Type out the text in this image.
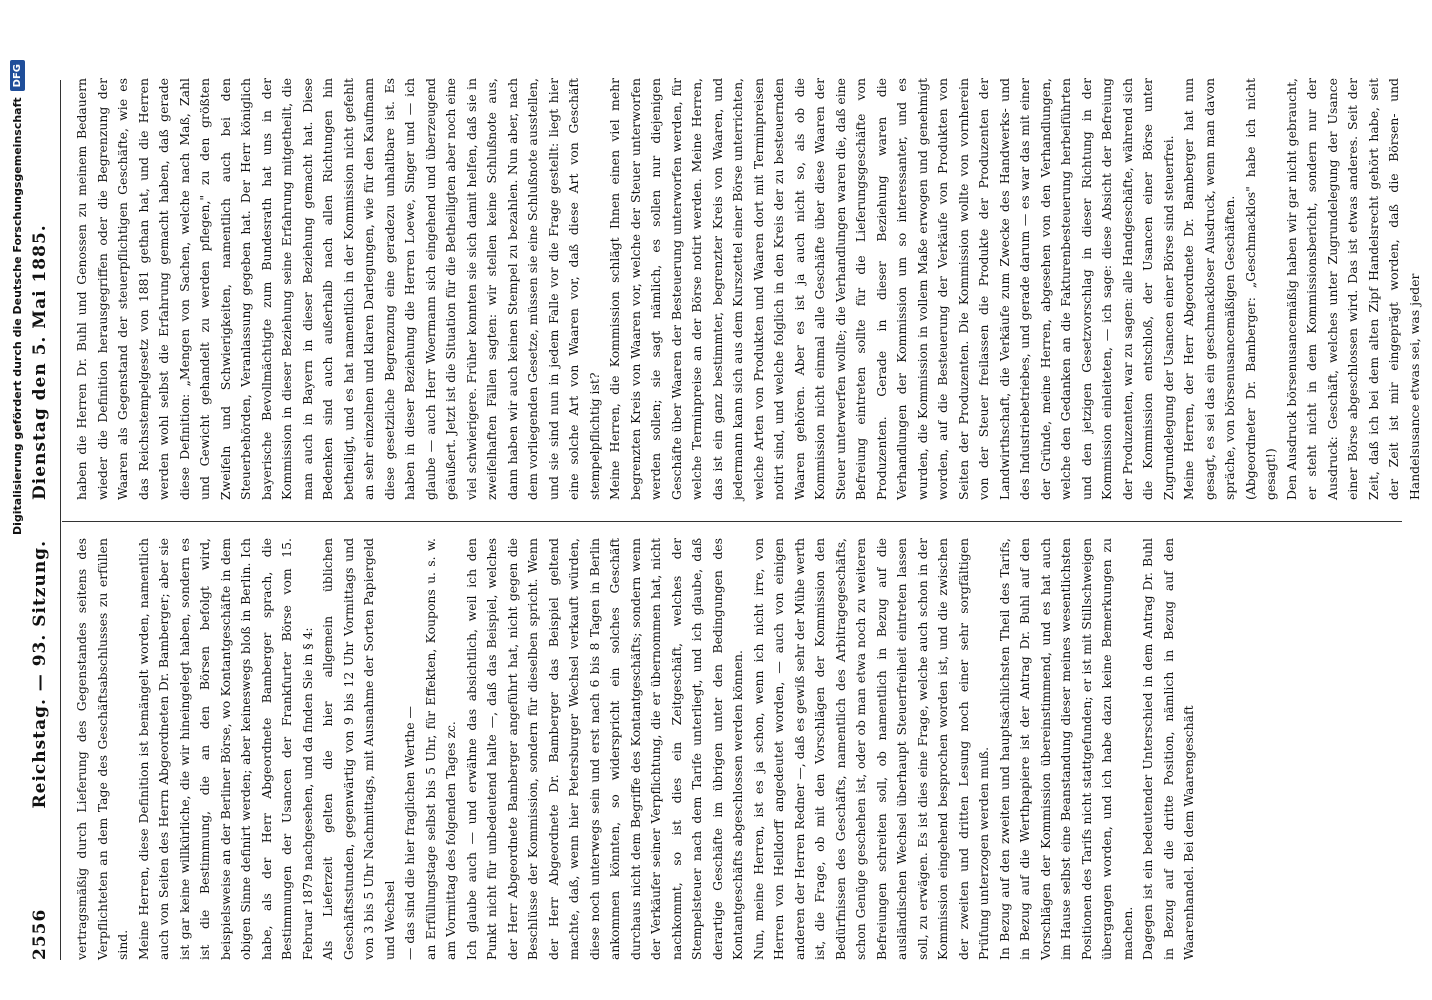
2556
Reichstag. — 93. Sitzung.
Dienstag den 5. Mai 1885.

vertragsmäßig durch Lieferung des Gegenstandes seitens des Verpflichteten an dem Tage des Geschäftsabschlusses zu erfüllen sind. Meine Herren, diese Definition ist bemängelt worden, namentlich auch von Seiten des Herrn Abgeordneten Dr. Bamberger; aber sie ist gar keine willkürliche, die wir hineingelegt haben, sondern es ist die Bestimmung, die an den Börsen befolgt wird, beispielsweise an der Berliner Börse, wo Kontantgeschäfte in dem obigen Sinne definirt werden; aber keineswegs bloß in Berlin. Ich habe, als der Herr Abgeordnete Bamberger sprach, die Bestimmungen der Usancen der Frankfurter Börse vom 15. Februar 1879 nachgesehen, und da finden Sie in § 4: Als Lieferzeit gelten die hier allgemein üblichen Geschäftsstunden, gegenwärtig von 9 bis 12 Uhr Vormittags und von 3 bis 5 Uhr Nachmittags, mit Ausnahme der Sorten Papiergeld und Wechsel — das sind die hier fraglichen Werthe — an Erfüllungstage selbst bis 5 Uhr, für Effekten, Koupons u. s. w. am Vormittag des folgenden Tages zc. Ich glaube auch — und erwähne das absichtlich, weil ich den Punkt nicht für unbedeutend halte —, daß das Beispiel, welches der Herr Abgeordnete Bamberger angeführt hat, nicht gegen die Beschlüsse der Kommission, sondern für dieselben spricht. Wenn der Herr Abgeordnete Dr. Bamberger das Beispiel geltend machte, daß, wenn hier Petersburger Wechsel verkauft würden, diese noch unterwegs sein und erst nach 6 bis 8 Tagen in Berlin ankommen könnten, so widerspricht ein solches Geschäft durchaus nicht dem Begriffe des Kontantgeschäfts; sondern wenn der Verkäufer seiner Verpflichtung, die er übernommen hat, nicht nachkommt, so ist dies ein Zeitgeschäft, welches der Stempelsteuer nach dem Tarife unterliegt, und ich glaube, daß derartige Geschäfte im übrigen unter den Bedingungen des Kontantgeschäfts abgeschlossen werden können. Nun, meine Herren, ist es ja schon, wenn ich nicht irre, von Herren von Helldorff angedeutet worden, — auch von einigen anderen der Herren Redner —, daß es gewiß sehr der Mühe werth ist, die Frage, ob mit den Vorschlägen der Kommission den Bedürfnissen des Geschäfts, namentlich des Arbitragegeschäfts, schon Genüge geschehen ist, oder ob man etwa noch zu weiteren Befreiungen schreiten soll, ob namentlich in Bezug auf die ausländischen Wechsel überhaupt Steuerfreiheit eintreten lassen soll, zu erwägen. Es ist dies eine Frage, welche auch schon in der Kommission eingehend besprochen worden ist, und die zwischen der zweiten und dritten Lesung noch einer sehr sorgfältigen Prüfung unterzogen werden muß. In Bezug auf den zweiten und hauptsächlichsten Theil des Tarifs, in Bezug auf die Werthpapiere ist der Antrag Dr. Buhl auf den Vorschlägen der Kommission übereinstimmend, und es hat auch im Hause selbst eine Beanstandung dieser meines wesentlichsten Positionen des Tarifs nicht stattgefunden; er ist mit Stillschweigen übergangen worden, und ich habe dazu keine Bemerkungen zu machen. Dagegen ist ein bedeutender Unterschied in dem Antrag Dr. Buhl in Bezug auf die dritte Position, nämlich in Bezug auf den Waarenhandel. Bei dem Waarengeschäft

haben die Herren Dr. Buhl und Genossen zu meinem Bedauern wieder die Definition herausgegriffen oder die Begrenzung der Waaren als Gegenstand der steuerpflichtigen Geschäfte, wie es das Reichsstempelgesetz von 1881 gethan hat, und die Herren werden wohl selbst die Erfahrung gemacht haben, daß gerade diese Definition: „Mengen von Sachen, welche nach Maß, Zahl und Gewicht gehandelt zu werden pflegen," zu den größten Zweifeln und Schwierigkeiten, namentlich auch bei den Steuerbehörden, Veranlassung gegeben hat. Der Herr königlich bayerische Bevollmächtigte zum Bundesrath hat uns in der Kommission in dieser Beziehung seine Erfahrung mitgetheilt, die man auch in Bayern in dieser Beziehung gemacht hat. Diese Bedenken sind auch außerhalb nach allen Richtungen hin betheiligt, und es hat namentlich in der Kommission nicht gefehlt an sehr einzelnen und klaren Darlegungen, wie für den Kaufmann diese gesetzliche Begrenzung eine geradezu unhaltbare ist. Es haben in dieser Beziehung die Herren Loewe, Singer und — ich glaube — auch Herr Woermann sich eingehend und überzeugend geäußert. Jetzt ist die Situation für die Betheiligten aber noch eine viel schwierigere. Früher konnten sie sich damit helfen, daß sie in zweifelhaften Fällen sagten: wir stellen keine Schlußnote aus, dann haben wir auch keinen Stempel zu bezahlen. Nun aber, nach dem vorliegenden Gesetze, müssen sie eine Schlußnote ausstellen, und sie sind nun in jedem Falle vor die Frage gestellt: liegt hier eine solche Art von Waaren vor, daß diese Art von Geschäft stempelpflichtig ist? Meine Herren, die Kommission schlägt Ihnen einen viel mehr begrenzten Kreis von Waaren vor, welche der Steuer unterworfen werden sollen; sie sagt nämlich, es sollen nur diejenigen Geschäfte über Waaren der Besteuerung unterworfen werden, für welche Terminpreise an der Börse notirt werden. Meine Herren, das ist ein ganz bestimmter, begrenzter Kreis von Waaren, und jedermann kann sich aus dem Kurszettel einer Börse unterrichten, welche Arten von Produkten und Waaren dort mit Terminpreisen notirt sind, und welche folglich in den Kreis der zu besteuernden Waaren gehören. Aber es ist ja auch nicht so, als ob die Kommission nicht einmal alle Geschäfte über diese Waaren der Steuer unterwerfen wollte; die Verhandlungen waren die, daß eine Befreiung eintreten sollte für die Lieferungsgeschäfte von Produzenten. Gerade in dieser Beziehung waren die Verhandlungen der Kommission um so interessanter, und es wurden, die Kommission in vollem Maße erwogen und genehmigt worden, auf die Besteuerung der Verkäufe von Produkten von Seiten der Produzenten. Die Kommission wollte von vornherein von der Steuer freilassen die Produkte der Produzenten der Landwirthschaft, die Verkäufe zum Zwecke des Handwerks- und des Industriebetriebes, und gerade darum — es war das mit einer der Gründe, meine Herren, abgesehen von den Verhandlungen, welche den Gedanken an die Fakturenbesteuerung herbeiführten und den jetzigen Gesetzvorschlag in dieser Richtung in der Kommission einleiteten, — ich sage: diese Absicht der Befreiung der Produzenten, war zu sagen: alle Handgeschäfte, während sich die Kommission entschloß, der Usancen einer Börse unter Zugrundelegung der Usancen einer Börse sind steuerfrei. Meine Herren, der Herr Abgeordnete Dr. Bamberger hat nun gesagt, es sei das ein geschmackloser Ausdruck, wenn man davon spräche, von börsenusancemäßigen Geschäften. (Abgeordneter Dr. Bamberger: „Geschmacklos" habe ich nicht gesagt!) Den Ausdruck börsenusancemäßig haben wir gar nicht gebraucht, er steht nicht in dem Kommissionsbericht, sondern nur der Ausdruck: Geschäft, welches unter Zugrundelegung der Usance einer Börse abgeschlossen wird. Das ist etwas anderes. Seit der Zeit, daß ich bei dem alten Zipf Handelsrecht gehört habe, seit der Zeit ist mir eingeprägt worden, daß die Börsen- und Handelsusance etwas sei, was jeder

Digitalisierung gefördert durch die Deutsche Forschungsgemeinschaft
DFG
